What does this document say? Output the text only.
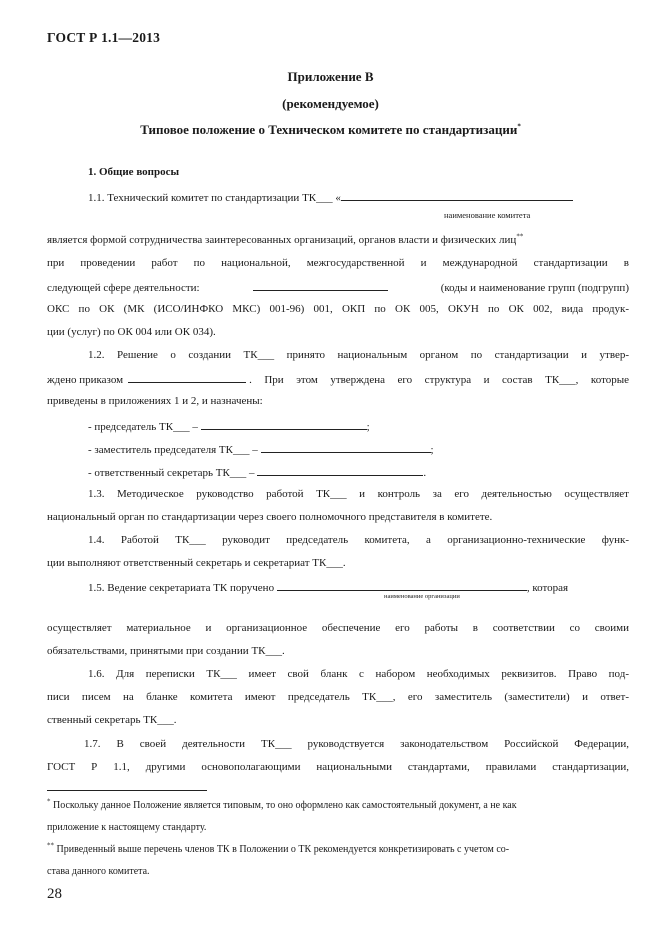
ГОСТ Р 1.1—2013
Приложение В
(рекомендуемое)
Типовое положение о Техническом комитете по стандартизации*
1. Общие вопросы
1.1. Технический комитет по стандартизации ТК___ «
наименование комитета
является формой сотрудничества заинтересованных организаций, органов власти и физических лиц**
при проведении работ по национальной, межгосударственной и международной стандартизации в
следующей сфере деятельности:	(коды и наименование групп (подгрупп)
ОКС по ОК (МК (ИСО/ИНФКО МКС) 001-96) 001, ОКП по ОК 005, ОКУН по ОК 002, вида продук-
ции (услуг) по ОК 004 или ОК 034).
1.2. Решение о создании ТК___ принято национальным органом по стандартизации и утвер-
ждено приказом	. При этом утверждена его структура и состав ТК___, которые
приведены в приложениях 1 и 2, и назначены:
- председатель ТК___ –	;
- заместитель председателя ТК___ –	;
- ответственный секретарь ТК___ –	.
1.3. Методическое руководство работой ТК___ и контроль за его деятельностью осуществляет
национальный орган по стандартизации через своего полномочного представителя в комитете.
1.4. Работой ТК___ руководит председатель комитета, а организационно-технические функ-
ции выполняют ответственный секретарь и секретариат ТК___.
1.5. Ведение секретариата ТК поручено	, которая
наименование организации
осуществляет материальное и организационное обеспечение его работы в соответствии со своими
обязательствами, принятыми при создании ТК___.
1.6. Для переписки ТК___ имеет свой бланк с набором необходимых реквизитов. Право под-
писи писем на бланке комитета имеют председатель ТК___, его заместитель (заместители) и ответ-
ственный секретарь ТК___.
1.7. В своей деятельности ТК___ руководствуется законодательством Российской Федерации,
ГОСТ Р 1.1, другими основополагающими национальными стандартами, правилами стандартизации,
* Поскольку данное Положение является типовым, то оно оформлено как самостоятельный документ, а не как
приложение к настоящему стандарту.
** Приведенный выше перечень членов ТК в Положении о ТК рекомендуется конкретизировать с учетом со-
става данного комитета.
28
